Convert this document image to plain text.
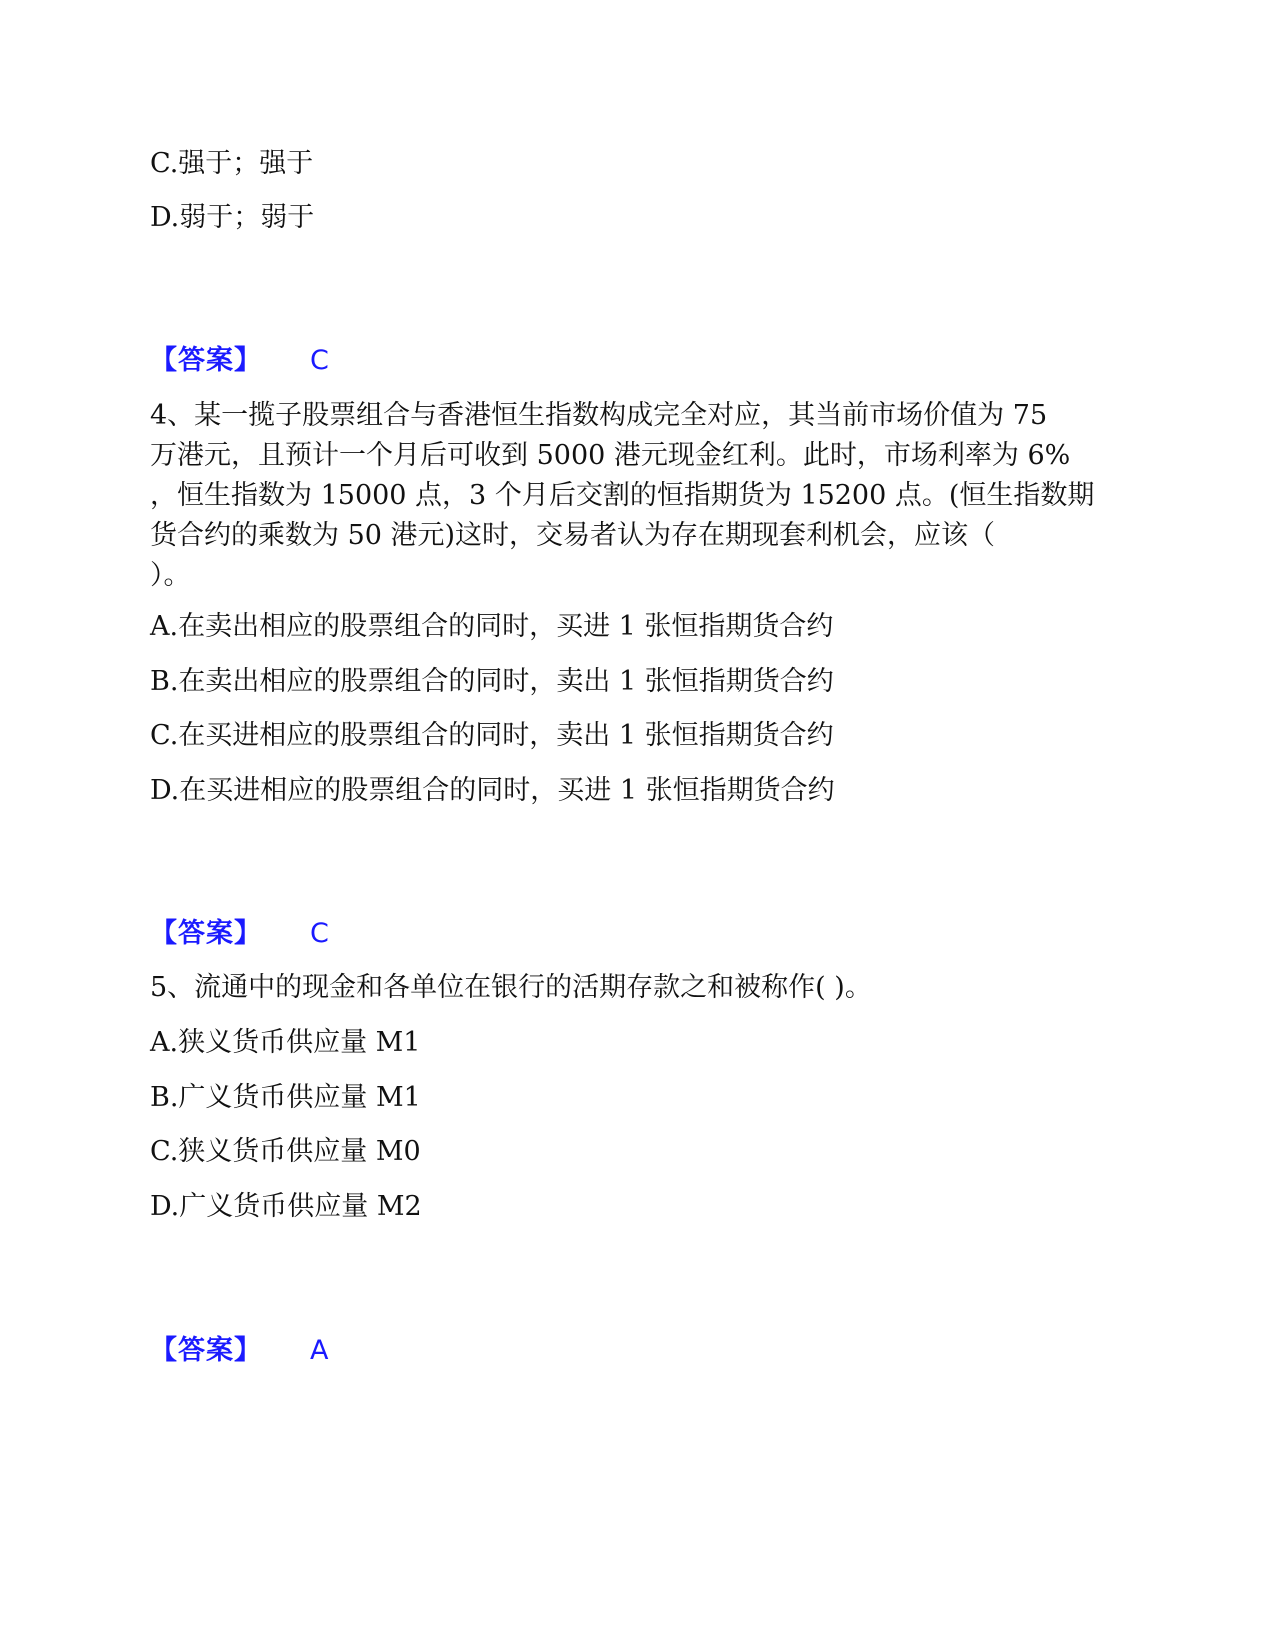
C.强于；强于
D.弱于；弱于
【答案】 C
4、某一揽子股票组合与香港恒生指数构成完全对应，其当前市场价值为 75
万港元，且预计一个月后可收到 5000 港元现金红利。此时，市场利率为 6%
，恒生指数为 15000 点，3 个月后交割的恒指期货为 15200 点。(恒生指数期
货合约的乘数为 50 港元)这时，交易者认为存在期现套利机会，应该（
）。
A.在卖出相应的股票组合的同时，买进 1 张恒指期货合约
B.在卖出相应的股票组合的同时，卖出 1 张恒指期货合约
C.在买进相应的股票组合的同时，卖出 1 张恒指期货合约
D.在买进相应的股票组合的同时，买进 1 张恒指期货合约
【答案】 C
5、流通中的现金和各单位在银行的活期存款之和被称作( )。
A.狭义货币供应量 M1
B.广义货币供应量 M1
C.狭义货币供应量 M0
D.广义货币供应量 M2
【答案】 A
